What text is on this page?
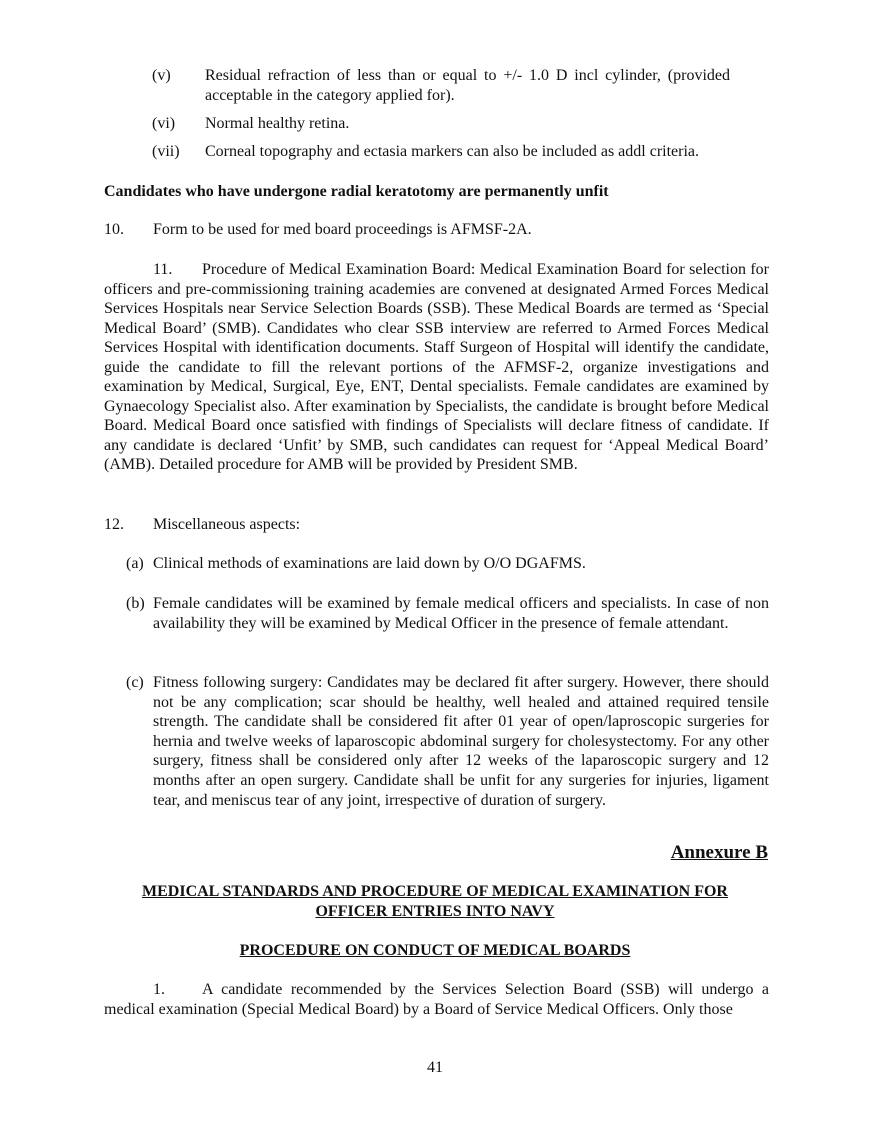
(v) Residual refraction of less than or equal to +/- 1.0 D incl cylinder, (provided acceptable in the category applied for).
(vi) Normal healthy retina.
(vii) Corneal topography and ectasia markers can also be included as addl criteria.
Candidates who have undergone radial keratotomy are permanently unfit
10. Form to be used for med board proceedings is AFMSF-2A.
11. Procedure of Medical Examination Board: Medical Examination Board for selection for officers and pre-commissioning training academies are convened at designated Armed Forces Medical Services Hospitals near Service Selection Boards (SSB). These Medical Boards are termed as ‘Special Medical Board’ (SMB). Candidates who clear SSB interview are referred to Armed Forces Medical Services Hospital with identification documents. Staff Surgeon of Hospital will identify the candidate, guide the candidate to fill the relevant portions of the AFMSF-2, organize investigations and examination by Medical, Surgical, Eye, ENT, Dental specialists. Female candidates are examined by Gynaecology Specialist also. After examination by Specialists, the candidate is brought before Medical Board. Medical Board once satisfied with findings of Specialists will declare fitness of candidate. If any candidate is declared ‘Unfit’ by SMB, such candidates can request for ‘Appeal Medical Board’ (AMB). Detailed procedure for AMB will be provided by President SMB.
12. Miscellaneous aspects:
(a) Clinical methods of examinations are laid down by O/O DGAFMS.
(b) Female candidates will be examined by female medical officers and specialists. In case of non availability they will be examined by Medical Officer in the presence of female attendant.
(c) Fitness following surgery: Candidates may be declared fit after surgery. However, there should not be any complication; scar should be healthy, well healed and attained required tensile strength. The candidate shall be considered fit after 01 year of open/laproscopic surgeries for hernia and twelve weeks of laparoscopic abdominal surgery for cholesystectomy. For any other surgery, fitness shall be considered only after 12 weeks of the laparoscopic surgery and 12 months after an open surgery. Candidate shall be unfit for any surgeries for injuries, ligament tear, and meniscus tear of any joint, irrespective of duration of surgery.
Annexure B
MEDICAL STANDARDS AND PROCEDURE OF MEDICAL EXAMINATION FOR
OFFICER ENTRIES INTO NAVY
PROCEDURE ON CONDUCT OF MEDICAL BOARDS
1. A candidate recommended by the Services Selection Board (SSB) will undergo a medical examination (Special Medical Board) by a Board of Service Medical Officers. Only those
41
